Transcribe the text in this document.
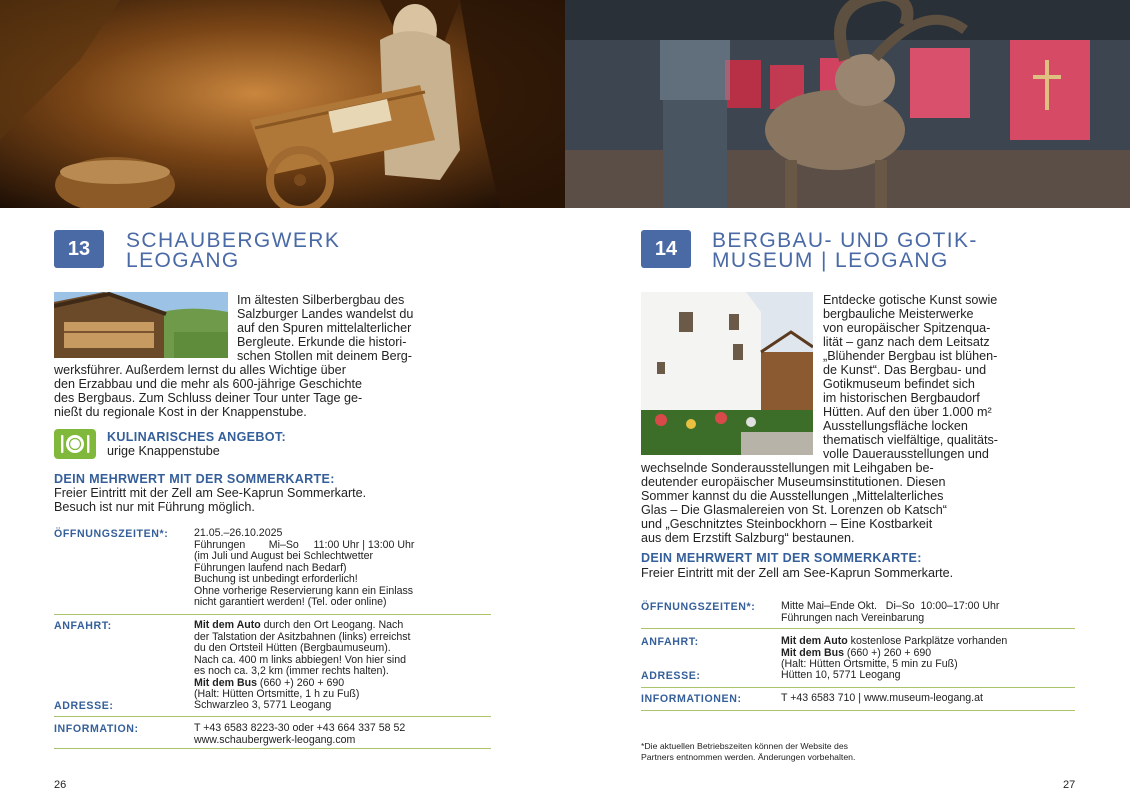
13	SCHAUBERGWERK
LEOGANG
Im ältesten Silberbergbau des
Salzburger Landes wandelst du
auf den Spuren mittelalterlicher
Bergleute. Erkunde die histori-
schen Stollen mit deinem Berg-
werksführer. Außerdem lernst du alles Wichtige über
den Erzabbau und die mehr als 600-jährige Geschichte
des Bergbaus. Zum Schluss deiner Tour unter Tage ge-
nießt du regionale Kost in der Knappenstube.
KULINARISCHES ANGEBOT:
urige Knappenstube
DEIN MEHRWERT MIT DER SOMMERKARTE:
Freier Eintritt mit der Zell am See-Kaprun Sommerkarte.
Besuch ist nur mit Führung möglich.
ÖFFNUNGSZEITEN*: 21.05.–26.10.2025
Führungen        Mi–So     11:00 Uhr | 13:00 Uhr
(im Juli und August bei Schlechtwetter
Führungen laufend nach Bedarf)
Buchung ist unbedingt erforderlich!
Ohne vorherige Reservierung kann ein Einlass
nicht garantiert werden! (Tel. oder online)
ANFAHRT:	Mit dem Auto durch den Ort Leogang. Nach
der Talstation der Asitzbahnen (links) erreichst
du den Ortsteil Hütten (Bergbaumuseum).
Nach ca. 400 m links abbiegen! Von hier sind
es noch ca. 3,2 km (immer rechts halten).
Mit dem Bus (660 +) 260 + 690
(Halt: Hütten Ortsmitte, 1 h zu Fuß)
ADRESSE:	Schwarzleo 3, 5771 Leogang
INFORMATION:	T +43 6583 8223-30 oder +43 664 337 58 52
www.schaubergwerk-leogang.com
26
14	BERGBAU- UND GOTIK-
MUSEUM | LEOGANG
Entdecke gotische Kunst sowie
bergbauliche Meisterwerke
von europäischer Spitzenqua-
lität – ganz nach dem Leitsatz
„Blühender Bergbau ist blühen-
de Kunst“. Das Bergbau- und
Gotikmuseum befindet sich
im historischen Bergbaudorf
Hütten. Auf den über 1.000 m²
Ausstellungsfläche locken
thematisch vielfältige, qualitäts-
volle Dauerausstellungen und
wechselnde Sonderausstellungen mit Leihgaben be-
deutender europäischer Museumsinstitutionen. Diesen
Sommer kannst du die Ausstellungen „Mittelalterliches
Glas – Die Glasmalereien von St. Lorenzen ob Katsch“
und „Geschnitztes Steinbockhorn – Eine Kostbarkeit
aus dem Erzstift Salzburg“ bestaunen.
DEIN MEHRWERT MIT DER SOMMERKARTE:
Freier Eintritt mit der Zell am See-Kaprun Sommerkarte.
ÖFFNUNGSZEITEN*: Mitte Mai–Ende Okt.   Di–So  10:00–17:00 Uhr
Führungen nach Vereinbarung
ANFAHRT:	Mit dem Auto kostenlose Parkplätze vorhanden
Mit dem Bus (660 +) 260 + 690
(Halt: Hütten Ortsmitte, 5 min zu Fuß)
ADRESSE:	Hütten 10, 5771 Leogang
INFORMATIONEN:	T +43 6583 710 | www.museum-leogang.at
*Die aktuellen Betriebszeiten können der Website des
Partners entnommen werden. Änderungen vorbehalten.
27
